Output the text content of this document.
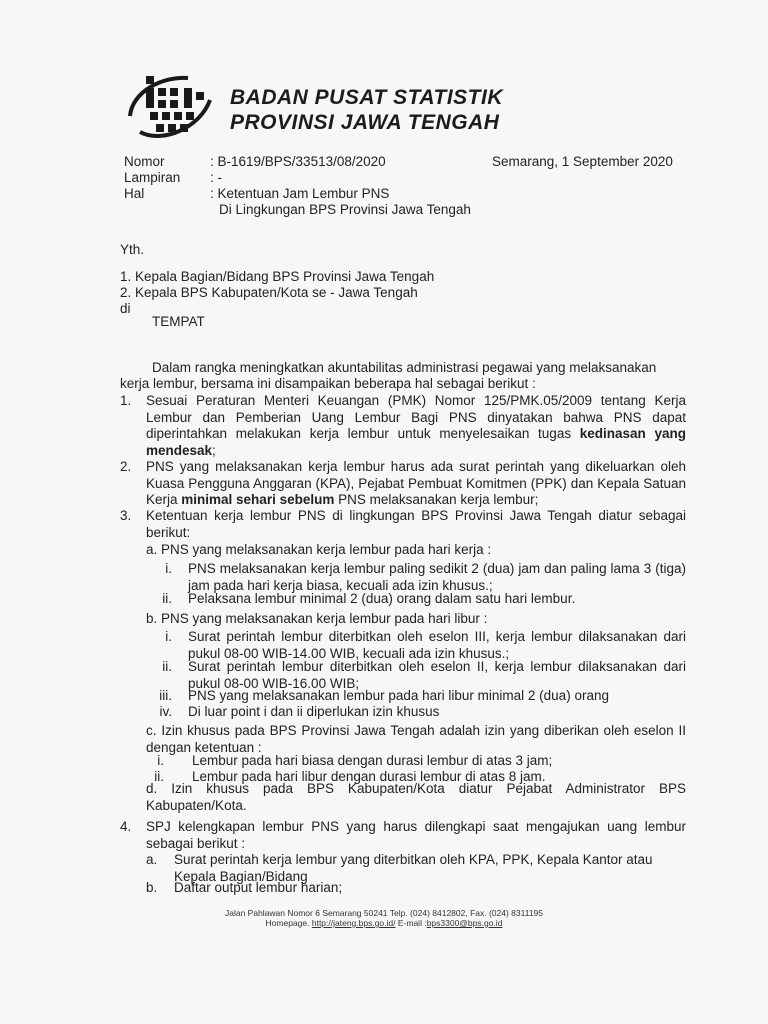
BADAN PUSAT STATISTIK
PROVINSI JAWA TENGAH
Nomor	: B-1619/BPS/33513/08/2020
Lampiran : -
Hal	: Ketentuan Jam Lembur PNS
Di Lingkungan BPS Provinsi Jawa Tengah
Semarang, 1 September 2020
Yth.
1. Kepala Bagian/Bidang BPS Provinsi Jawa Tengah
2. Kepala BPS Kabupaten/Kota se - Jawa Tengah
di
TEMPAT
Dalam rangka meningkatkan akuntabilitas administrasi pegawai yang melaksanakan
kerja lembur, bersama ini disampaikan beberapa hal sebagai berikut :
1.	Sesuai Peraturan Menteri Keuangan (PMK) Nomor 125/PMK.05/2009 tentang Kerja Lembur dan Pemberian Uang Lembur Bagi PNS dinyatakan bahwa PNS dapat diperintahkan melakukan kerja lembur untuk menyelesaikan tugas kedinasan yang mendesak;
2.	PNS yang melaksanakan kerja lembur harus ada surat perintah yang dikeluarkan oleh Kuasa Pengguna Anggaran (KPA), Pejabat Pembuat Komitmen (PPK) dan Kepala Satuan Kerja minimal sehari sebelum PNS melaksanakan kerja lembur;
3.	Ketentuan kerja lembur PNS di lingkungan BPS Provinsi Jawa Tengah diatur sebagai berikut:
a. PNS yang melaksanakan kerja lembur pada hari kerja :
i. PNS melaksanakan kerja lembur paling sedikit 2 (dua) jam dan paling lama 3 (tiga) jam pada hari kerja biasa, kecuali ada izin khusus.;
ii. Pelaksana lembur minimal 2 (dua) orang dalam satu hari lembur.
b. PNS yang melaksanakan kerja lembur pada hari libur :
i. Surat perintah lembur diterbitkan oleh eselon III, kerja lembur dilaksanakan dari pukul 08-00 WIB-14.00 WIB, kecuali ada izin khusus.;
ii. Surat perintah lembur diterbitkan oleh eselon II, kerja lembur dilaksanakan dari pukul 08-00 WIB-16.00 WIB;
iii. PNS yang melaksanakan lembur pada hari libur minimal 2 (dua) orang
iv. Di luar point i dan ii diperlukan izin khusus
c. Izin khusus pada BPS Provinsi Jawa Tengah adalah izin yang diberikan oleh eselon II dengan ketentuan :
i. Lembur pada hari biasa dengan durasi lembur di atas 3 jam;
ii. Lembur pada hari libur dengan durasi lembur di atas 8 jam.
d. Izin khusus pada BPS Kabupaten/Kota diatur Pejabat Administrator BPS Kabupaten/Kota.
4.	SPJ kelengkapan lembur PNS yang harus dilengkapi saat mengajukan uang lembur sebagai berikut :
a. Surat perintah kerja lembur yang diterbitkan oleh KPA, PPK, Kepala Kantor atau Kepala Bagian/Bidang
b. Daftar output lembur harian;
Jalan Pahlawan Nomor 6 Semarang 50241 Telp. (024) 8412802, Fax. (024) 8311195
Homepage. http://jateng.bps.go.id/ E-mail :bps3300@bps.go.id
